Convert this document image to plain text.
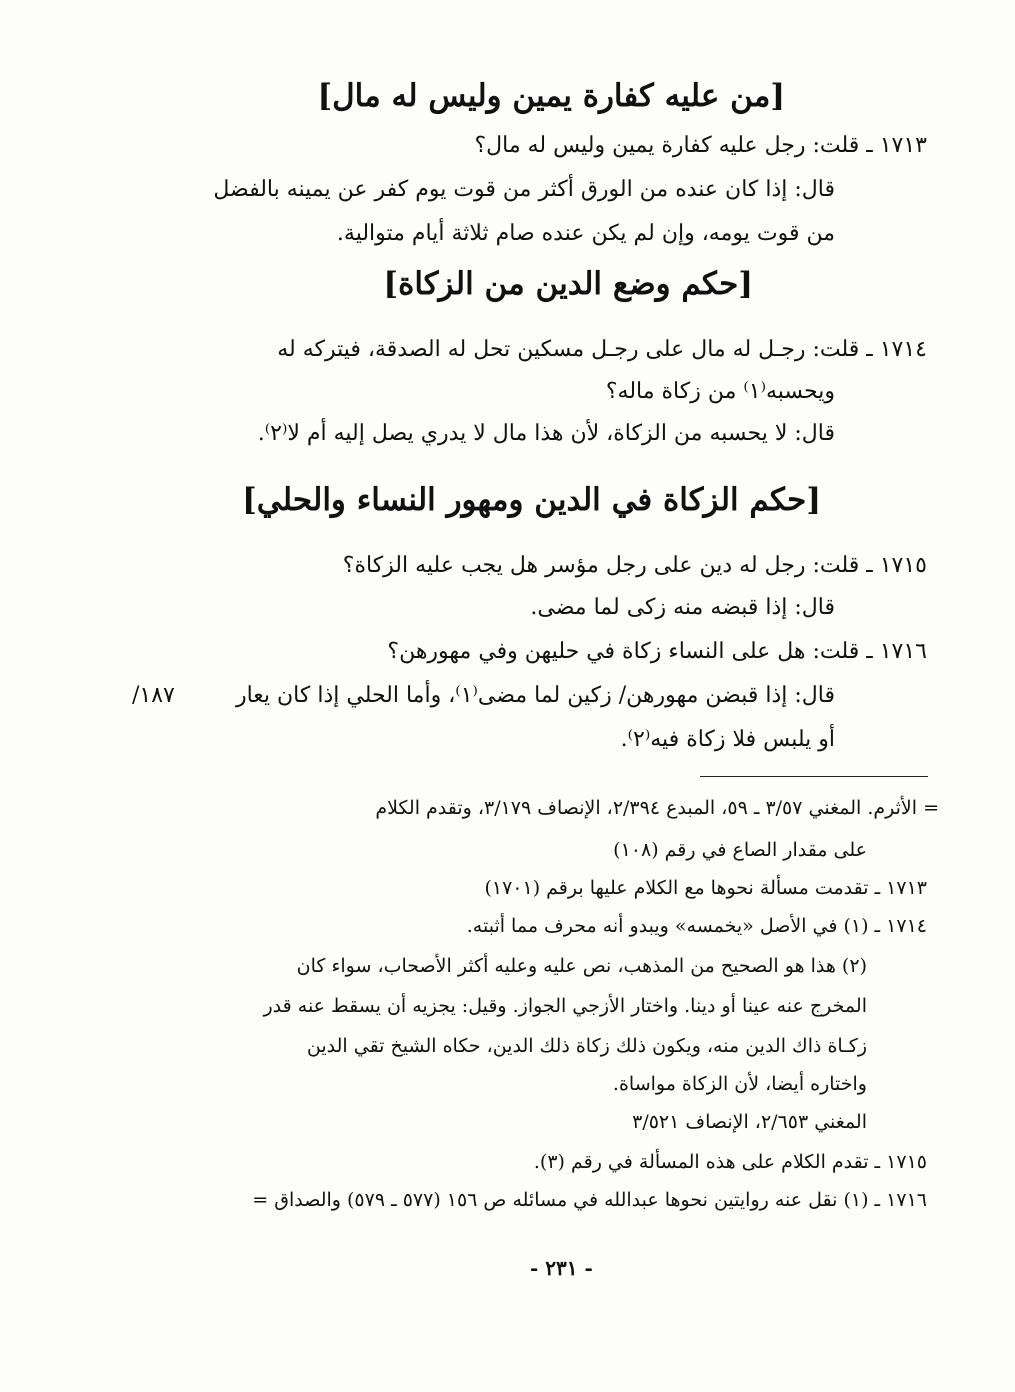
[من عليه كفارة يمين وليس له مال]
[حكم وضع الدين من الزكاة]
[حكم الزكاة في الدين ومهور النساء والحلي]
١٧١٣ ـ قلت: رجل عليه كفارة يمين وليس له مال؟
قال: إذا كان عنده من الورق أكثر من قوت يوم كفر عن يمينه بالفضل
من قوت يومه، وإن لم يكن عنده صام ثلاثة أيام متوالية.
١٧١٤ ـ قلت: رجـل له مال على رجـل مسكين تحل له الصدقة، فيتركه له
ويحسبه⁽١⁾ من زكاة ماله؟
قال: لا يحسبه من الزكاة، لأن هذا مال لا يدري يصل إليه أم لا⁽٢⁾.
١٧١٥ ـ قلت: رجل له دين على رجل مؤسر هل يجب عليه الزكاة؟
قال: إذا قبضه منه زكى لما مضى.
١٧١٦ ـ قلت: هل على النساء زكاة في حليهن وفي مهورهن؟
قال: إذا قبضن مهورهن/ زكين لما مضى⁽١⁾، وأما الحلي إذا كان يعار
أو يلبس فلا زكاة فيه⁽٢⁾.
/١٨٧
= الأثرم. المغني ٣/٥٧ ـ ٥٩، المبدع ٢/٣٩٤، الإنصاف ٣/١٧٩، وتقدم الكلام
على مقدار الصاع في رقم (١٠٨)
١٧١٣ ـ تقدمت مسألة نحوها مع الكلام عليها برقم (١٧٠١)
١٧١٤ ـ (١) في الأصل «يخمسه» ويبدو أنه محرف مما أثبته.
(٢) هذا هو الصحيح من المذهب، نص عليه وعليه أكثر الأصحاب، سواء كان
المخرج عنه عينا أو دينا. واختار الأزجي الجواز. وقيل: يجزيه أن يسقط عنه قدر
زكـاة ذاك الدين منه، ويكون ذلك زكاة ذلك الدين، حكاه الشيخ تقي الدين
واختاره أيضا، لأن الزكاة مواساة.
المغني ٢/٦٥٣، الإنصاف ٣/٥٢١
١٧١٥ ـ تقدم الكلام على هذه المسألة في رقم (٣).
١٧١٦ ـ (١) نقل عنه روايتين نحوها عبدالله في مسائله ص ١٥٦ (٥٧٧ ـ ٥٧٩) والصداق =
- ٢٣١ -
